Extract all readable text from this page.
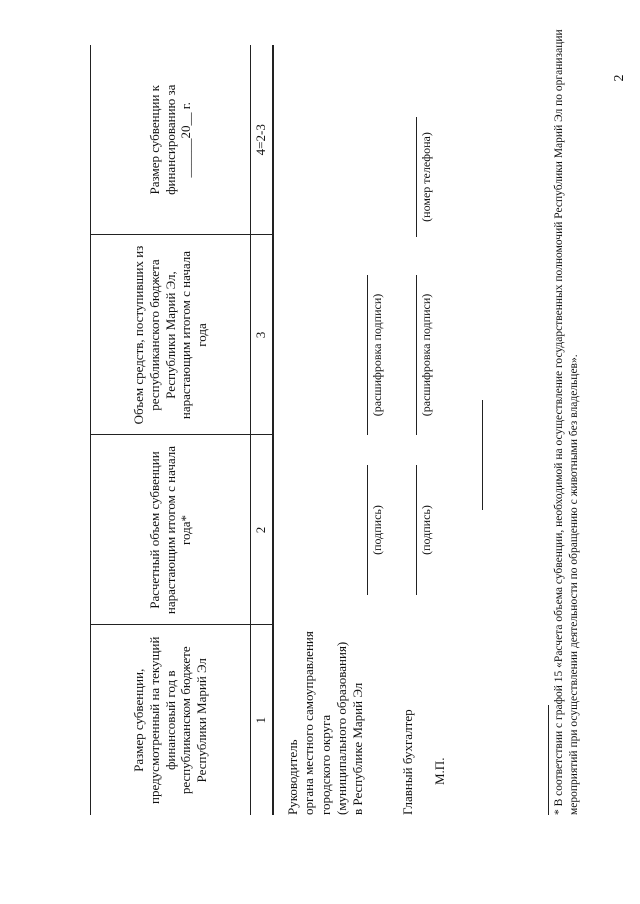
2
Размер субвенции, предусмотренный на текущий финансовый год в республиканском бюджете Республики Марий Эл	Расчетный объем субвенции нарастающим итогом с начала года*	Объем средств, поступивших из республиканского бюджета Республики Марий Эл, нарастающим итогом с начала года	Размер субвенции к финансированию за ______20__ г.
1	2	3	4=2-3
Руководитель органа местного самоуправления городского округа (муниципального образования) в Республике Марий Эл
(подпись)
(расшифровка подписи)
Главный бухгалтер
(подпись)
(расшифровка подписи)
(номер телефона)
М.П.	* В соответствии с графой 15 «Расчета объема субвенции, необходимой на осуществление государственных полномочий Республики Марий Эл по организации мероприятий при осуществлении деятельности по обращению с животными без владельцев».
